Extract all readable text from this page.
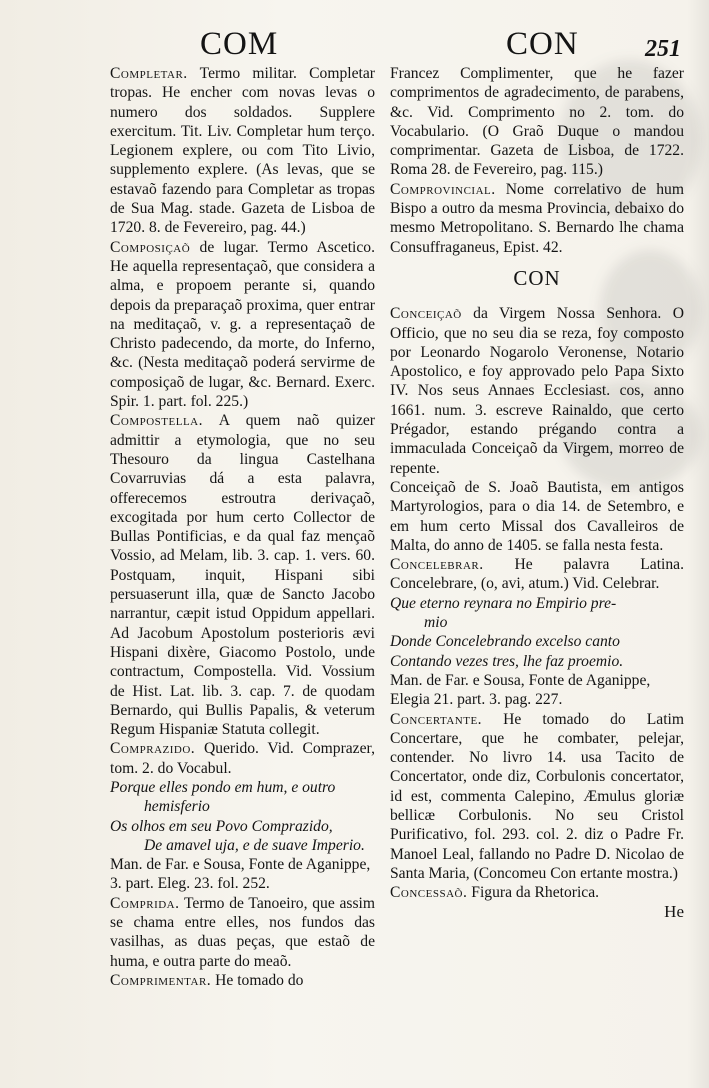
COM	CON	251

Completar. Termo militar. Completar tropas. He encher com novas levas o numero dos soldados. Supplere exercitum. Tit. Liv. Completar hum terço. Legionem explere, ou com Tito Livio, supplemento explere. (As levas, que se estavaõ fazendo para Completar as tropas de Sua Mag. stade. Gazeta de Lisboa de 1720. 8. de Fevereiro, pag. 44.)

Composiçaõ de lugar. Termo Ascetico. He aquella representaçaõ, que considera a alma, e propoem perante si, quando depois da preparaçaõ proxima, quer entrar na meditaçaõ, v. g. a representaçaõ de Christo padecendo, da morte, do Inferno, &c. (Nesta meditaçaõ poderá servirme de composiçaõ de lugar, &c. Bernard. Exerc. Spir. 1. part. fol. 225.)

Compostella. A quem naõ quizer admittir a etymologia, que no seu Thesouro da lingua Castelhana Covarruvias dá a esta palavra, offerecemos estroutra derivaçaõ, excogitada por hum certo Collector de Bullas Pontificias, e da qual faz mençaõ Vossio, ad Melam, lib. 3. cap. 1. vers. 60. Postquam, inquit, Hispani sibi persuaserunt illa, quæ de Sancto Jacobo narrantur, cæpit istud Oppidum appellari. Ad Jacobum Apostolum posterioris ævi Hispani dixère, Giacomo Postolo, unde contractum, Compostella. Vid. Vossium de Hist. Lat. lib. 3. cap. 7. de quodam Bernardo, qui Bullis Papalis, & veterum Regum Hispaniæ Statuta collegit.

Comprazido. Querido. Vid. Comprazer, tom. 2. do Vocabul.

Porque elles pondo em hum, e outro

hemisferio

Os olhos em seu Povo Comprazido,

De amavel uja, e de suave Imperio.

Man. de Far. e Sousa, Fonte de Aganippe, 3. part. Eleg. 23. fol. 252.

Comprida. Termo de Tanoeiro, que assim se chama entre elles, nos fundos das vasilhas, as duas peças, que estaõ de huma, e outra parte do meaõ.

Comprimentar. He tomado do

Francez Complimenter, que he fazer comprimentos de agradecimento, de parabens, &c. Vid. Comprimento no 2. tom. do Vocabulario. (O Graõ Duque o mandou comprimentar. Gazeta de Lisboa, de 1722. Roma 28. de Fevereiro, pag. 115.)

Comprovincial. Nome correlativo de hum Bispo a outro da mesma Provincia, debaixo do mesmo Metropolitano. S. Bernardo lhe chama Consuffraganeus, Epist. 42.

CON

Conceiçaõ da Virgem Nossa Senhora. O Officio, que no seu dia se reza, foy composto por Leonardo Nogarolo Veronense, Notario Apostolico, e foy approvado pelo Papa Sixto IV. Nos seus Annaes Ecclesiast. cos, anno 1661. num. 3. escreve Rainaldo, que certo Prégador, estando prégando contra a immaculada Conceiçaõ da Virgem, morreo de repente.

Conceiçaõ de S. Joaõ Bautista, em antigos Martyrologios, para o dia 14. de Setembro, e em hum certo Missal dos Cavalleiros de Malta, do anno de 1405. se falla nesta festa.

Concelebrar. He palavra Latina. Concelebrare, (o, avi, atum.) Vid. Celebrar.

Que eterno reynara no Empirio pre-

mio

Donde Concelebrando excelso canto

Contando vezes tres, lhe faz proemio.

Man. de Far. e Sousa, Fonte de Aganippe, Elegia 21. part. 3. pag. 227.

Concertante. He tomado do Latim Concertare, que he combater, pelejar, contender. No livro 14. usa Tacito de Concertator, onde diz, Corbulonis concertator, id est, commenta Calepino, Æmulus gloriæ bellicæ Corbulonis. No seu Cristol Purificativo, fol. 293. col. 2. diz o Padre Fr. Manoel Leal, fallando no Padre D. Nicolao de Santa Maria, (Concomeu Con ertante mostra.)

Concessaõ. Figura da Rhetorica.

He
